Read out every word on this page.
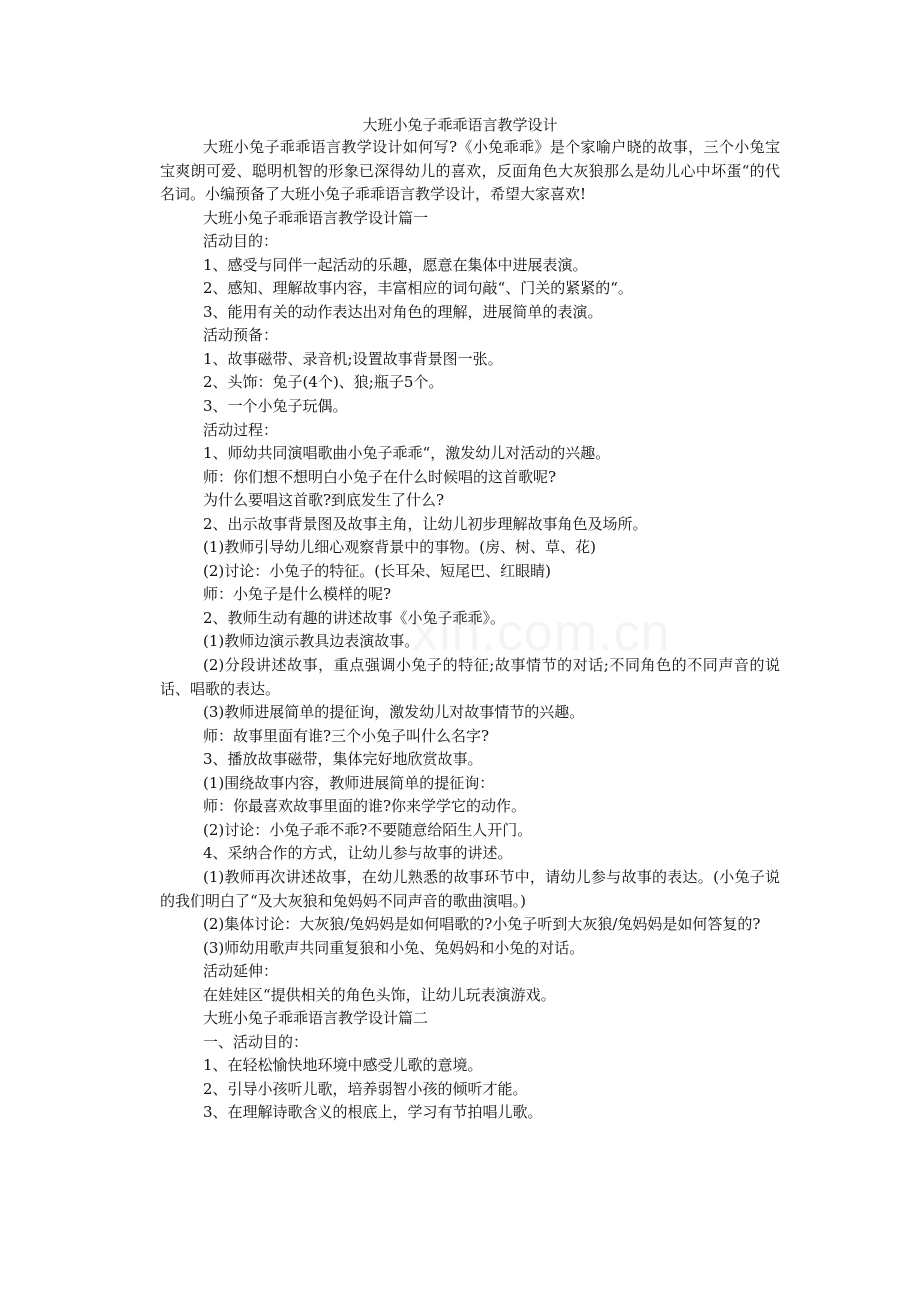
大班小兔子乖乖语言教学设计

大班小兔子乖乖语言教学设计如何写?《小兔乖乖》是个家喻户晓的故事，三个小兔宝宝爽朗可爱、聪明机智的形象已深得幼儿的喜欢，反面角色大灰狼那么是幼儿心中坏蛋“的代名词。小编预备了大班小兔子乖乖语言教学设计，希望大家喜欢!

大班小兔子乖乖语言教学设计篇一

活动目的：

1、感受与同伴一起活动的乐趣，愿意在集体中进展表演。

2、感知、理解故事内容，丰富相应的词句敲“、门关的紧紧的“。

3、能用有关的动作表达出对角色的理解，进展简单的表演。

活动预备：

1、故事磁带、录音机;设置故事背景图一张。

2、头饰：兔子(4个)、狼;瓶子5个。

3、一个小兔子玩偶。

活动过程：

1、师幼共同演唱歌曲小兔子乖乖“，激发幼儿对活动的兴趣。

师：你们想不想明白小兔子在什么时候唱的这首歌呢?

为什么要唱这首歌?到底发生了什么?

2、出示故事背景图及故事主角，让幼儿初步理解故事角色及场所。

(1)教师引导幼儿细心观察背景中的事物。(房、树、草、花)

(2)讨论：小兔子的特征。(长耳朵、短尾巴、红眼睛)

师：小兔子是什么模样的呢?

2、教师生动有趣的讲述故事《小兔子乖乖》。

(1)教师边演示教具边表演故事。

(2)分段讲述故事，重点强调小兔子的特征;故事情节的对话;不同角色的不同声音的说话、唱歌的表达。

(3)教师进展简单的提征询，激发幼儿对故事情节的兴趣。

师：故事里面有谁?三个小兔子叫什么名字?

3、播放故事磁带，集体完好地欣赏故事。

(1)围绕故事内容，教师进展简单的提征询：

师：你最喜欢故事里面的谁?你来学学它的动作。

(2)讨论：小兔子乖不乖?不要随意给陌生人开门。

4、采纳合作的方式，让幼儿参与故事的讲述。

(1)教师再次讲述故事，在幼儿熟悉的故事环节中，请幼儿参与故事的表达。(小兔子说的我们明白了“及大灰狼和兔妈妈不同声音的歌曲演唱。)

(2)集体讨论：大灰狼/兔妈妈是如何唱歌的?小兔子听到大灰狼/兔妈妈是如何答复的?

(3)师幼用歌声共同重复狼和小兔、兔妈妈和小兔的对话。

活动延伸：

在娃娃区“提供相关的角色头饰，让幼儿玩表演游戏。

大班小兔子乖乖语言教学设计篇二

一、活动目的：

1、在轻松愉快地环境中感受儿歌的意境。

2、引导小孩听儿歌，培养弱智小孩的倾听才能。

3、在理解诗歌含义的根底上，学习有节拍唱儿歌。
